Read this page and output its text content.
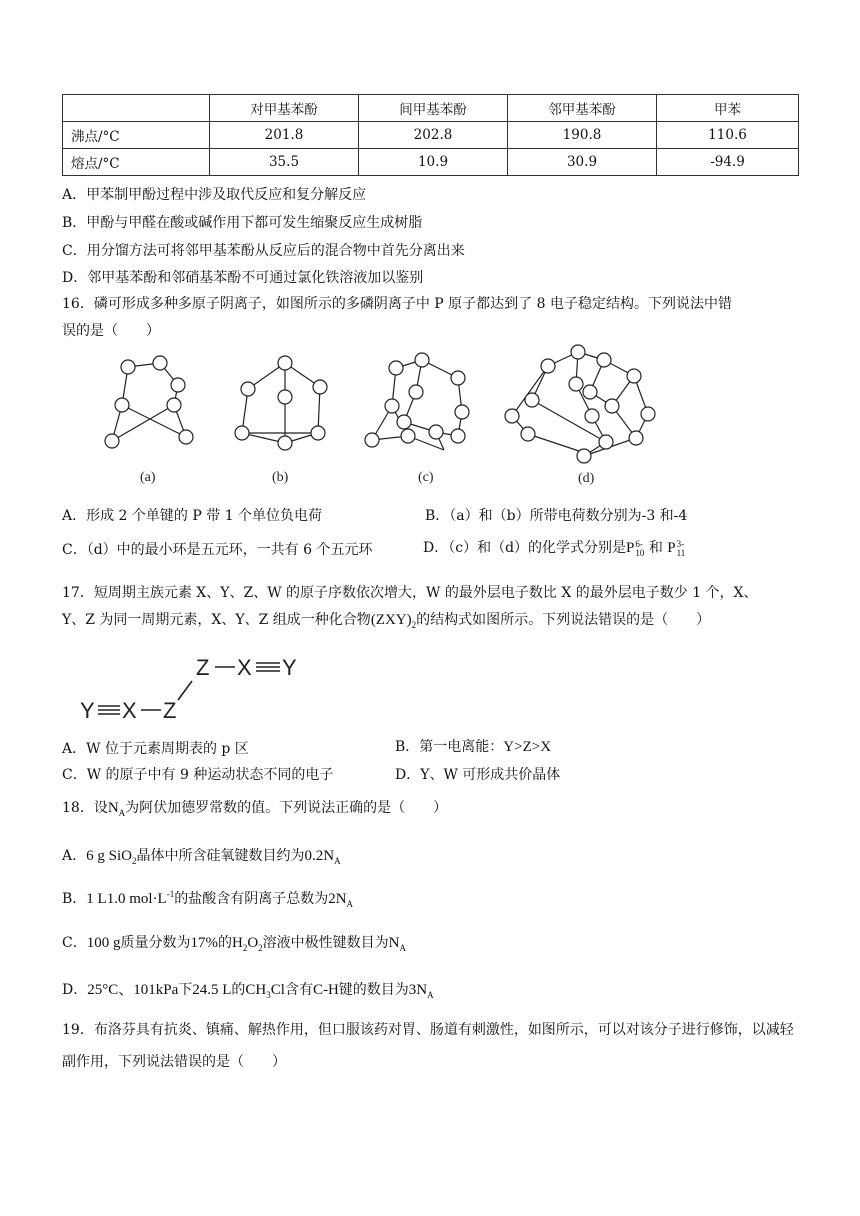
	对甲基苯酚	间甲基苯酚	邻甲基苯酚	甲苯
沸点/°C	201.8	202.8	190.8	110.6
熔点/°C	35.5	10.9	30.9	-94.9
A．甲苯制甲酚过程中涉及取代反应和复分解反应
B．甲酚与甲醛在酸或碱作用下都可发生缩聚反应生成树脂
C．用分馏方法可将邻甲基苯酚从反应后的混合物中首先分离出来
D．邻甲基苯酚和邻硝基苯酚不可通过氯化铁溶液加以鉴别
16．磷可形成多种多原子阴离子，如图所示的多磷阴离子中 P 原子都达到了 8 电子稳定结构。下列说法中错
误的是（　　）
(a)	(b)	(c)	(d)
A．形成 2 个单键的 P 带 1 个单位负电荷	B．（a）和（b）所带电荷数分别为-3 和-4
C．（d）中的最小环是五元环，一共有 6 个五元环	D．（c）和（d）的化学式分别是P 6-
10 和 P 3-
11
17．短周期主族元素 X、Y、Z、W 的原子序数依次增大，W 的最外层电子数比 X 的最外层电子数少 1 个，X、
Y、Z 为同一周期元素，X、Y、Z 组成一种化合物$(ZXY)_2$的结构式如图所示。下列说法错误的是（　　）
Z X Y
Y X Z
A．W 位于元素周期表的 p 区	B．第一电离能：Y>Z>X
C．W 的原子中有 9 种运动状态不同的电子	D．Y、W 可形成共价晶体
18．设$N_A$为阿伏加德罗常数的值。下列说法正确的是（　　）
A．6 g SiO$_2$晶体中所含硅氧键数目约为$0.2N_A$
B．1 L1.0 $mol\cdot L^{-1}$的盐酸含有阴离子总数为$2N_A$
C．100 g质量分数为17%的$H_2O_2$溶液中极性键数目为$N_A$
D．25°C、101kPa下24.5 L的$CH_3Cl$含有C-H键的数目为$3N_A$
19．布洛芬具有抗炎、镇痛、解热作用，但口服该药对胃、肠道有刺激性，如图所示，可以对该分子进行修饰，以减轻副作用，下列说法错误的是（　　）
